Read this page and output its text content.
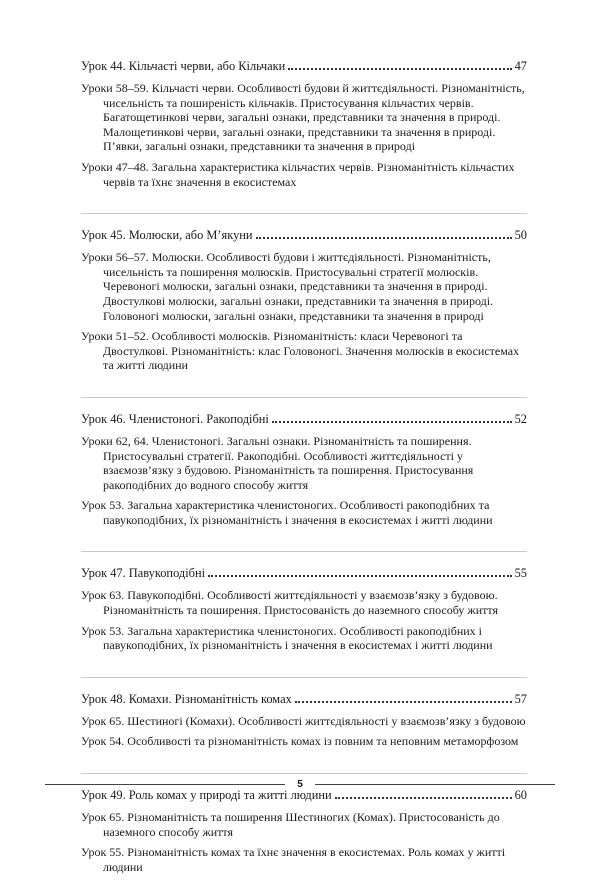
Урок 44. Кільчасті черви, або Кільчаки	47

Уроки 58–59. Кільчасті черви. Особливості будови й життєдіяльності. Різноманітність, чисельність та поширеність кільчаків. Пристосування кільчастих червів. Багатощетинкові черви, загальні ознаки, представники та значення в природі. Малощетинкові черви, загальні ознаки, представники та значення в природі. П’явки, загальні ознаки, представники та значення в природі

Уроки 47–48. Загальна характеристика кільчастих червів. Різноманітність кільчастих червів та їхнє значення в екосистемах

Урок 45. Молюски, або М’якуни	50

Уроки 56–57. Молюски. Особливості будови і життєдіяльності. Різноманітність, чисельність та поширення молюсків. Пристосувальні стратегії молюсків. Черевоногі молюски, загальні ознаки, представники та значення в природі. Двостулкові молюски, загальні ознаки, представники та значення в природі. Головоногі молюски, загальні ознаки, представники та значення в природі

Уроки 51–52. Особливості молюсків. Різноманітність: класи Черевоногі та Двостулкові. Різноманітність: клас Головоногі. Значення молюсків в екосистемах та житті людини

Урок 46. Членистоногі. Ракоподібні	52

Уроки 62, 64. Членистоногі. Загальні ознаки. Різноманітність та поширення. Пристосувальні стратегії. Ракоподібні. Особливості життєдіяльності у взаємозв’язку з будовою. Різноманітність та поширення. Пристосування ракоподібних до водного способу життя

Урок 53. Загальна характеристика членистоногих. Особливості ракоподібних та павукоподібних, їх різноманітність і значення в екосистемах і житті людини

Урок 47. Павукоподібні	55

Урок 63. Павукоподібні. Особливості життєдіяльності у взаємозв’язку з будовою. Різноманітність та поширення. Пристосованість до наземного способу життя

Урок 53. Загальна характеристика членистоногих. Особливості ракоподібних і павукоподібних, їх різноманітність і значення в екосистемах і житті людини

Урок 48. Комахи. Різноманітність комах	57

Урок 65. Шестиногі (Комахи). Особливості життєдіяльності у взаємозв’язку з будовою

Урок 54. Особливості та різноманітність комах із повним та неповним метаморфозом

Урок 49. Роль комах у природі та житті людини	60

Урок 65. Різноманітність та поширення Шестиногих (Комах). Пристосованість до наземного способу життя

Урок 55. Різноманітність комах та їхнє значення в екосистемах. Роль комах у житті людини

5
